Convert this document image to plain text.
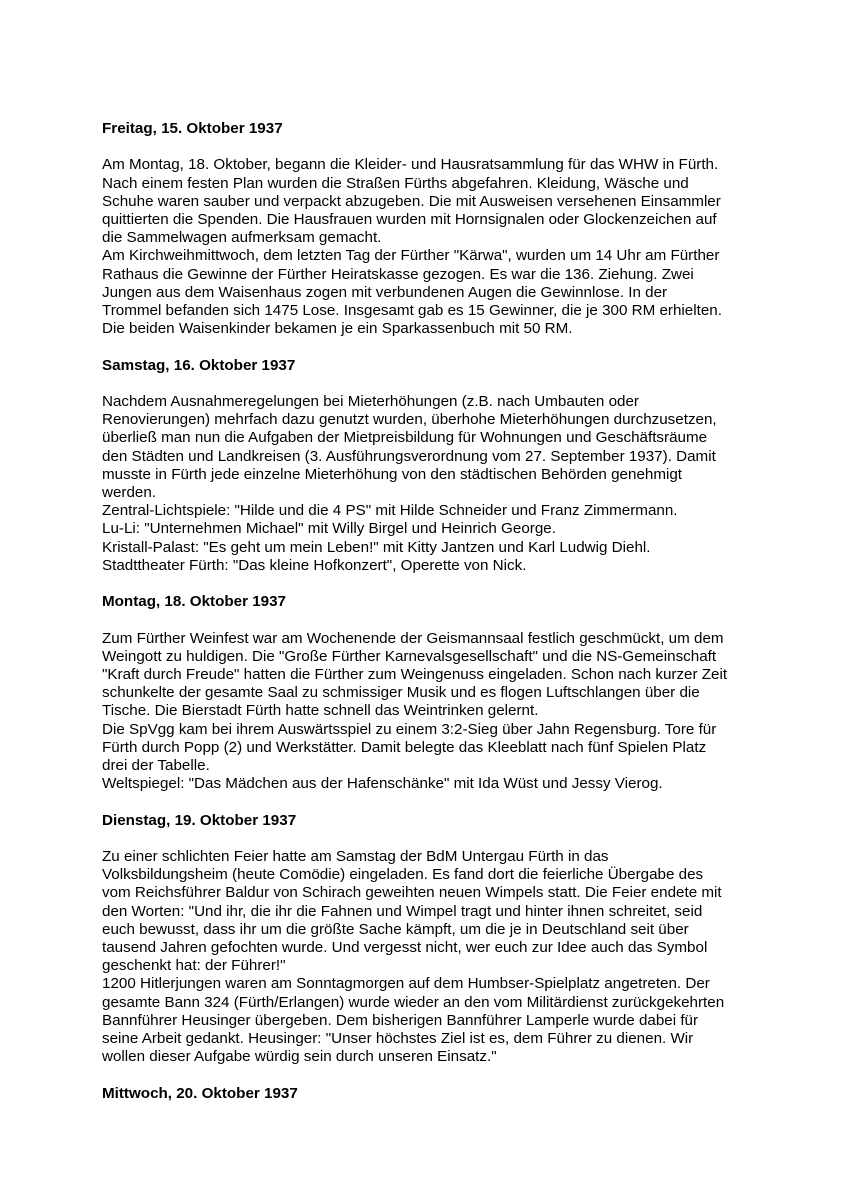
Freitag, 15. Oktober 1937
Am Montag, 18. Oktober, begann die Kleider- und Hausratsammlung für das WHW in Fürth.
Nach einem festen Plan wurden die Straßen Fürths abgefahren. Kleidung, Wäsche und
Schuhe waren sauber und verpackt abzugeben. Die mit Ausweisen versehenen Einsammler
quittierten die Spenden. Die Hausfrauen wurden mit Hornsignalen oder Glockenzeichen auf
die Sammelwagen aufmerksam gemacht.
Am Kirchweihmittwoch, dem letzten Tag der Fürther "Kärwa", wurden um 14 Uhr am Fürther
Rathaus die Gewinne der Fürther Heiratskasse gezogen. Es war die 136. Ziehung. Zwei
Jungen aus dem Waisenhaus zogen mit verbundenen Augen die Gewinnlose. In der
Trommel befanden sich 1475 Lose. Insgesamt gab es 15 Gewinner, die je 300 RM erhielten.
Die beiden Waisenkinder bekamen je ein Sparkassenbuch mit 50 RM.
Samstag, 16. Oktober 1937
Nachdem Ausnahmeregelungen bei Mieterhöhungen (z.B. nach Umbauten oder
Renovierungen) mehrfach dazu genutzt wurden, überhohe Mieterhöhungen durchzusetzen,
überließ man nun die Aufgaben der Mietpreisbildung für Wohnungen und Geschäftsräume
den Städten und Landkreisen (3. Ausführungsverordnung vom 27. September 1937). Damit
musste in Fürth jede einzelne Mieterhöhung von den städtischen Behörden genehmigt
werden.
Zentral-Lichtspiele: "Hilde und die 4 PS" mit Hilde Schneider und Franz Zimmermann.
Lu-Li: "Unternehmen Michael" mit Willy Birgel und Heinrich George.
Kristall-Palast: "Es geht um mein Leben!" mit Kitty Jantzen und Karl Ludwig Diehl.
Stadttheater Fürth: "Das kleine Hofkonzert", Operette von Nick.
Montag, 18. Oktober 1937
Zum Fürther Weinfest war am Wochenende der Geismannsaal festlich geschmückt, um dem
Weingott zu huldigen. Die "Große Fürther Karnevalsgesellschaft" und die NS-Gemeinschaft
"Kraft durch Freude" hatten die Fürther zum Weingenuss eingeladen. Schon nach kurzer Zeit
schunkelte der gesamte Saal zu schmissiger Musik und es flogen Luftschlangen über die
Tische. Die Bierstadt Fürth hatte schnell das Weintrinken gelernt.
Die SpVgg kam bei ihrem Auswärtsspiel zu einem 3:2-Sieg über Jahn Regensburg. Tore für
Fürth durch Popp (2) und Werkstätter. Damit belegte das Kleeblatt nach fünf Spielen Platz
drei der Tabelle.
Weltspiegel: "Das Mädchen aus der Hafenschänke" mit Ida Wüst und Jessy Vierog.
Dienstag, 19. Oktober 1937
Zu einer schlichten Feier hatte am Samstag der BdM Untergau Fürth in das
Volksbildungsheim (heute Comödie) eingeladen. Es fand dort die feierliche Übergabe des
vom Reichsführer Baldur von Schirach geweihten neuen Wimpels statt. Die Feier endete mit
den Worten: "Und ihr, die ihr die Fahnen und Wimpel tragt und hinter ihnen schreitet, seid
euch bewusst, dass ihr um die größte Sache kämpft, um die je in Deutschland seit über
tausend Jahren gefochten wurde. Und vergesst nicht, wer euch zur Idee auch das Symbol
geschenkt hat: der Führer!"
1200 Hitlerjungen waren am Sonntagmorgen auf dem Humbser-Spielplatz angetreten. Der
gesamte Bann 324 (Fürth/Erlangen) wurde wieder an den vom Militärdienst zurückgekehrten
Bannführer Heusinger übergeben. Dem bisherigen Bannführer Lamperle wurde dabei für
seine Arbeit gedankt. Heusinger: "Unser höchstes Ziel ist es, dem Führer zu dienen. Wir
wollen dieser Aufgabe würdig sein durch unseren Einsatz."
Mittwoch, 20. Oktober 1937
